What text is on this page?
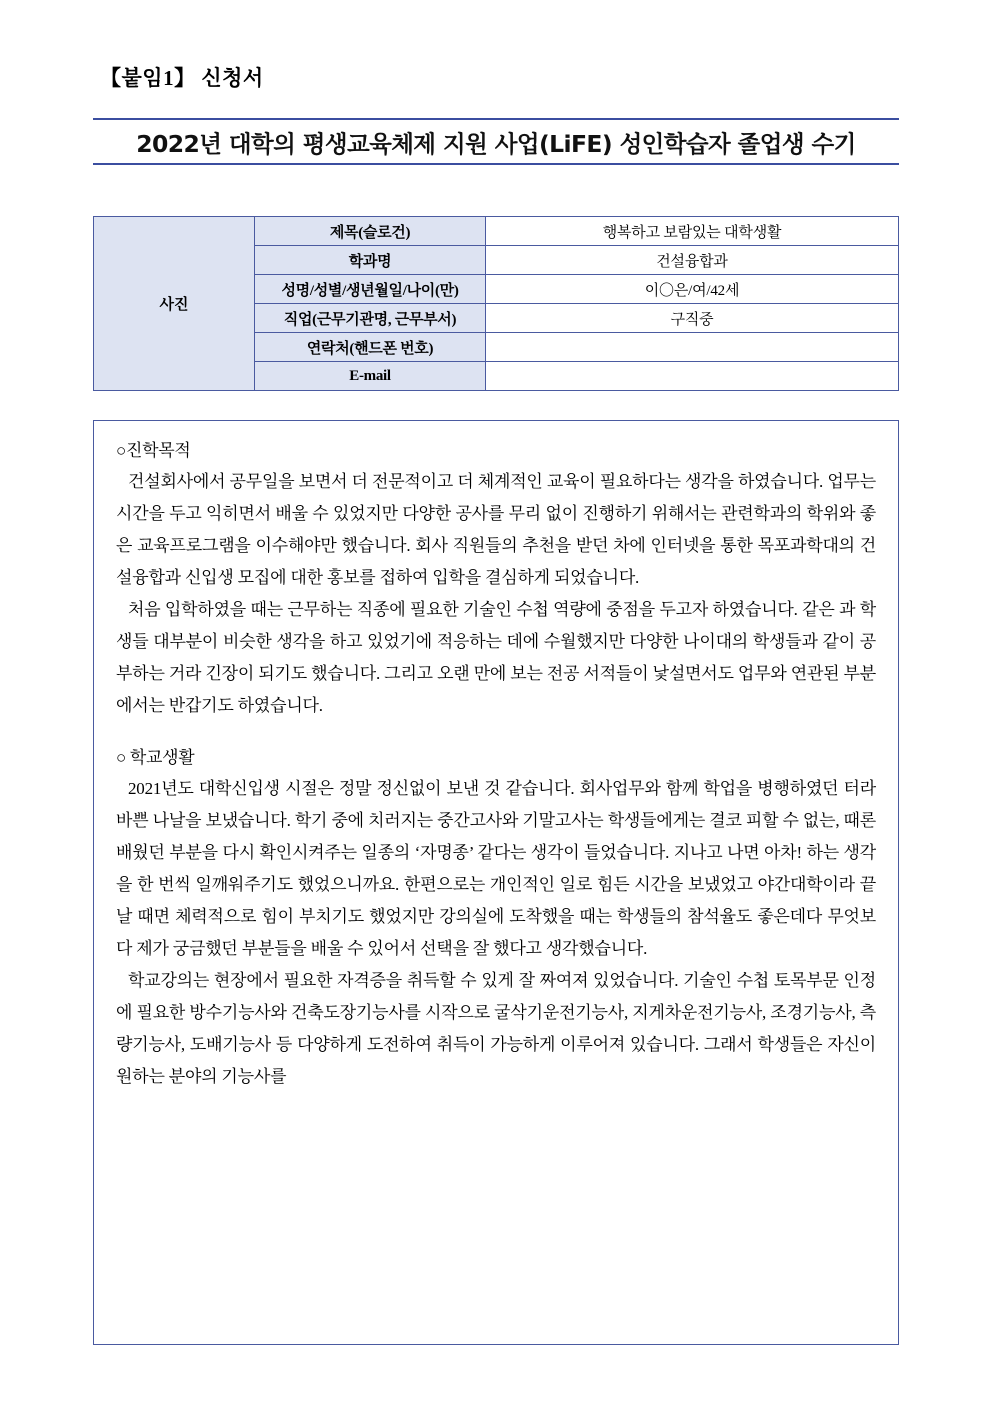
【붙임1】 신청서
2022년 대학의 평생교육체제 지원 사업(LiFE) 성인학습자 졸업생 수기
사진	제목(슬로건)	행복하고 보람있는 대학생활
	학과명	건설융합과
	성명/성별/생년월일/나이(만)	이〇은/여/42세
	직업(근무기관명, 근무부서)	구직중
	연락처(핸드폰 번호)	
	E-mail	
○진학목적

건설회사에서 공무일을 보면서 더 전문적이고 더 체계적인 교육이 필요하다는 생각을 하였습니다. 업무는 시간을 두고 익히면서 배울 수 있었지만 다양한 공사를 무리 없이 진행하기 위해서는 관련학과의 학위와 좋은 교육프로그램을 이수해야만 했습니다. 회사 직원들의 추천을 받던 차에 인터넷을 통한 목포과학대의 건설융합과 신입생 모집에 대한 홍보를 접하여 입학을 결심하게 되었습니다.

처음 입학하였을 때는 근무하는 직종에 필요한 기술인 수첩 역량에 중점을 두고자 하였습니다. 같은 과 학생들 대부분이 비슷한 생각을 하고 있었기에 적응하는 데에 수월했지만 다양한 나이대의 학생들과 같이 공부하는 거라 긴장이 되기도 했습니다. 그리고 오랜 만에 보는 전공 서적들이 낯설면서도 업무와 연관된 부분에서는 반갑기도 하였습니다.

○ 학교생활

2021년도 대학신입생 시절은 정말 정신없이 보낸 것 같습니다. 회사업무와 함께 학업을 병행하였던 터라 바쁜 나날을 보냈습니다. 학기 중에 치러지는 중간고사와 기말고사는 학생들에게는 결코 피할 수 없는, 때론 배웠던 부분을 다시 확인시켜주는 일종의 ‘자명종’ 같다는 생각이 들었습니다. 지나고 나면 아차! 하는 생각을 한 번씩 일깨워주기도 했었으니까요. 한편으로는 개인적인 일로 힘든 시간을 보냈었고 야간대학이라 끝날 때면 체력적으로 힘이 부치기도 했었지만 강의실에 도착했을 때는 학생들의 참석율도 좋은데다 무엇보다 제가 궁금했던 부분들을 배울 수 있어서 선택을 잘 했다고 생각했습니다.

학교강의는 현장에서 필요한 자격증을 취득할 수 있게 잘 짜여져 있었습니다. 기술인 수첩 토목부문 인정에 필요한 방수기능사와 건축도장기능사를 시작으로 굴삭기운전기능사, 지게차운전기능사, 조경기능사, 측량기능사, 도배기능사 등 다양하게 도전하여 취득이 가능하게 이루어져 있습니다. 그래서 학생들은 자신이 원하는 분야의 기능사를
